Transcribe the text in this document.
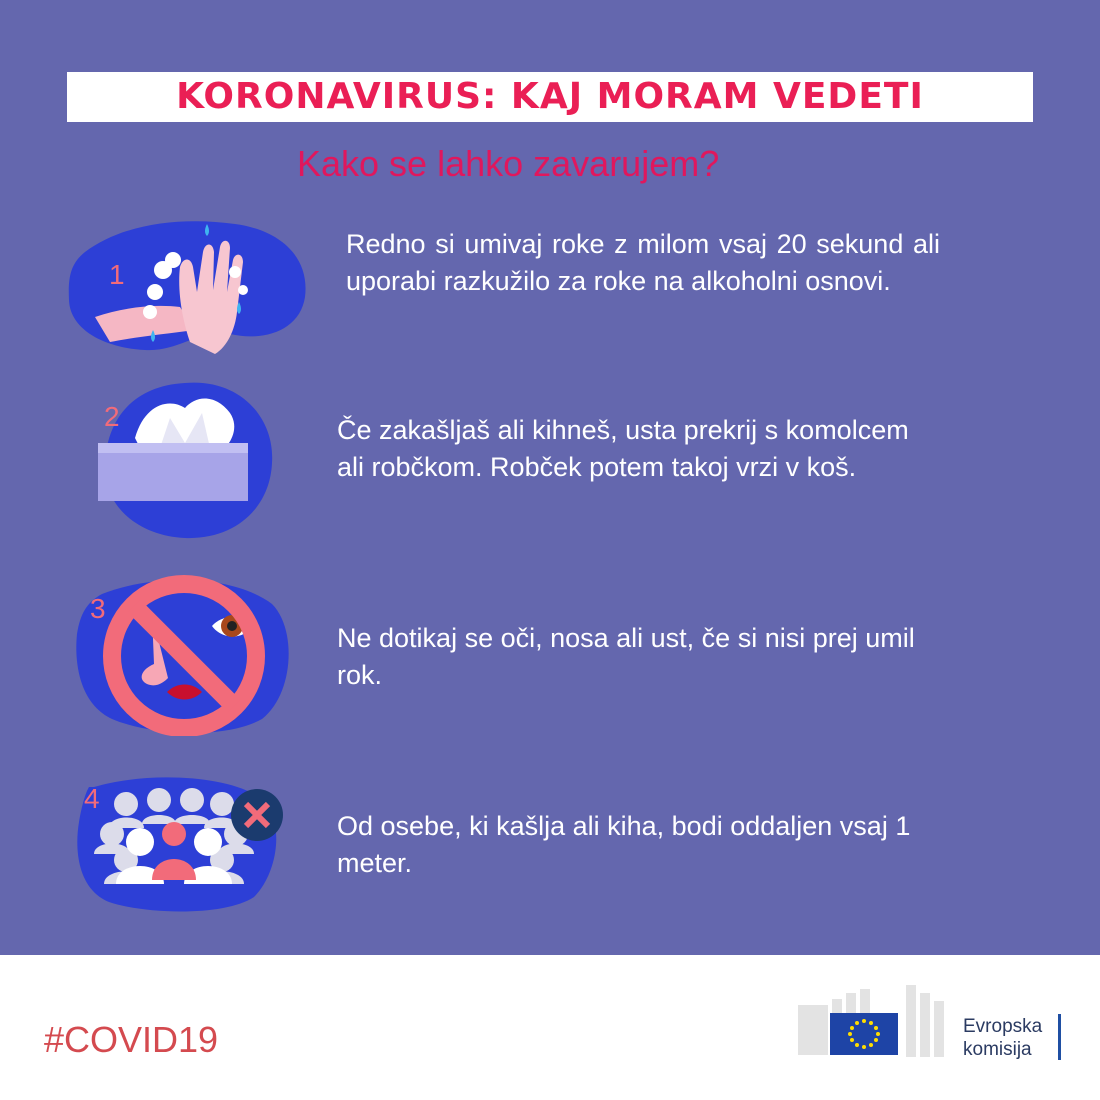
KORONAVIRUS: KAJ MORAM VEDETI
Kako se lahko zavarujem?
1
Redno si umivaj roke z milom vsaj 20 sekund ali uporabi razkužilo za roke na alkoholni osnovi.
2	Če zakašljaš ali kihneš, usta prekrij s komolcem ali robčkom. Robček potem takoj vrzi v koš.
3
Ne dotikaj se oči, nosa ali ust, če si nisi prej umil rok.
4
Od osebe, ki kašlja ali kiha, bodi oddaljen vsaj 1 meter.
#COVID19	Evropska
komisija
